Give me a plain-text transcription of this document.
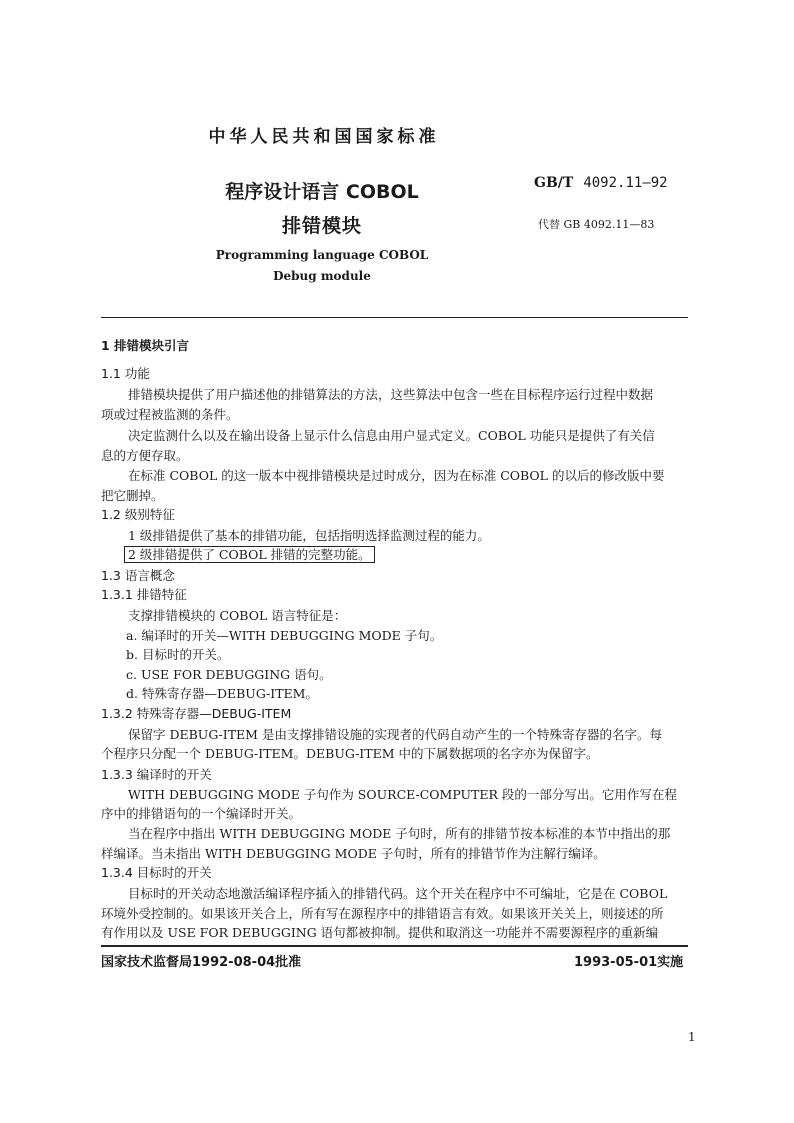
中华人民共和国国家标准
程序设计语言 COBOL
排错模块
GB/T 4092.11—92
代替 GB 4092.11—83
Programming language COBOL
Debug module
1 排错模块引言
1.1 功能
排错模块提供了用户描述他的排错算法的方法，这些算法中包含一些在目标程序运行过程中数据
项或过程被监测的条件。
决定监测什么以及在输出设备上显示什么信息由用户显式定义。COBOL 功能只是提供了有关信
息的方便存取。
在标准 COBOL 的这一版本中视排错模块是过时成分，因为在标准 COBOL 的以后的修改版中要
把它删掉。
1.2 级别特征
1 级排错提供了基本的排错功能，包括指明选择监测过程的能力。
2 级排错提供了 COBOL 排错的完整功能。
1.3 语言概念
1.3.1 排错特征
支撑排错模块的 COBOL 语言特征是：
a. 编译时的开关—WITH DEBUGGING MODE 子句。
b. 目标时的开关。
c. USE FOR DEBUGGING 语句。
d. 特殊寄存器—DEBUG-ITEM。
1.3.2 特殊寄存器—DEBUG-ITEM
保留字 DEBUG-ITEM 是由支撑排错设施的实现者的代码自动产生的一个特殊寄存器的名字。每
个程序只分配一个 DEBUG-ITEM。DEBUG-ITEM 中的下属数据项的名字亦为保留字。
1.3.3 编译时的开关
WITH DEBUGGING MODE 子句作为 SOURCE-COMPUTER 段的一部分写出。它用作写在程
序中的排错语句的一个编译时开关。
当在程序中指出 WITH DEBUGGING MODE 子句时，所有的排错节按本标准的本节中指出的那
样编译。当未指出 WITH DEBUGGING MODE 子句时，所有的排错节作为注解行编译。
1.3.4 目标时的开关
目标时的开关动态地激活编译程序插入的排错代码。这个开关在程序中不可编址，它是在 COBOL
环境外受控制的。如果该开关合上，所有写在源程序中的排错语言有效。如果该开关关上，则接述的所
有作用以及 USE FOR DEBUGGING 语句都被抑制。提供和取消这一功能并不需要源程序的重新编
国家技术监督局1992-08-04批准	1993-05-01实施
1
